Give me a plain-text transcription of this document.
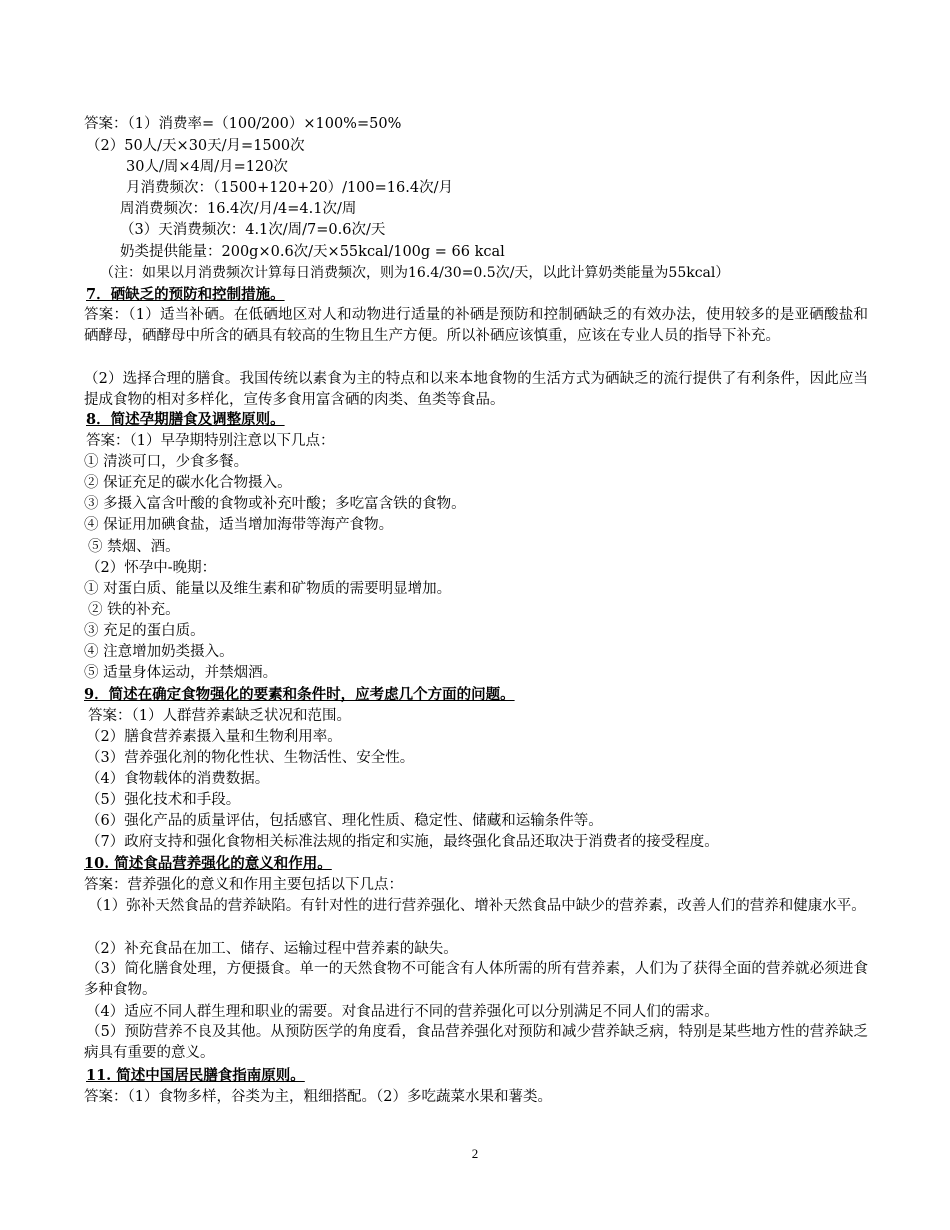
答案：（1）消费率=（100/200）×100%=50%
（2）50人/天×30天/月=1500次
30人/周×4周/月=120次
月消费频次：（1500+120+20）/100=16.4次/月
周消费频次：16.4次/月/4=4.1次/周
（3）天消费频次：4.1次/周/7=0.6次/天
奶类提供能量：200g×0.6次/天×55kcal/100g = 66 kcal
（注：如果以月消费频次计算每日消费频次，则为16.4/30=0.5次/天，以此计算奶类能量为55kcal）
7．硒缺乏的预防和控制措施。
答案：（1）适当补硒。在低硒地区对人和动物进行适量的补硒是预防和控制硒缺乏的有效办法，使用较多的是亚硒酸盐和硒酵母，硒酵母中所含的硒具有较高的生物且生产方便。所以补硒应该慎重，应该在专业人员的指导下补充。
（2）选择合理的膳食。我国传统以素食为主的特点和以来本地食物的生活方式为硒缺乏的流行提供了有利条件，因此应当提成食物的相对多样化，宣传多食用富含硒的肉类、鱼类等食品。
8．简述孕期膳食及调整原则。
答案：（1）早孕期特别注意以下几点：
① 清淡可口，少食多餐。
② 保证充足的碳水化合物摄入。
③ 多摄入富含叶酸的食物或补充叶酸；多吃富含铁的食物。
④ 保证用加碘食盐，适当增加海带等海产食物。
⑤ 禁烟、酒。
（2）怀孕中-晚期：
① 对蛋白质、能量以及维生素和矿物质的需要明显增加。
② 铁的补充。
③ 充足的蛋白质。
④ 注意增加奶类摄入。
⑤ 适量身体运动，并禁烟酒。
9．简述在确定食物强化的要素和条件时，应考虑几个方面的问题。
答案：（1）人群营养素缺乏状况和范围。
（2）膳食营养素摄入量和生物利用率。
（3）营养强化剂的物化性状、生物活性、安全性。
（4）食物载体的消费数据。
（5）强化技术和手段。
（6）强化产品的质量评估，包括感官、理化性质、稳定性、储藏和运输条件等。
（7）政府支持和强化食物相关标准法规的指定和实施，最终强化食品还取决于消费者的接受程度。
10. 简述食品营养强化的意义和作用。
答案：营养强化的意义和作用主要包括以下几点：
（1）弥补天然食品的营养缺陷。有针对性的进行营养强化、增补天然食品中缺少的营养素，改善人们的营养和健康水平。
（2）补充食品在加工、储存、运输过程中营养素的缺失。
（3）简化膳食处理，方便摄食。单一的天然食物不可能含有人体所需的所有营养素，人们为了获得全面的营养就必须进食多种食物。
（4）适应不同人群生理和职业的需要。对食品进行不同的营养强化可以分别满足不同人们的需求。
（5）预防营养不良及其他。从预防医学的角度看，食品营养强化对预防和减少营养缺乏病，特别是某些地方性的营养缺乏病具有重要的意义。
11. 简述中国居民膳食指南原则。
答案：（1）食物多样，谷类为主，粗细搭配。（2）多吃蔬菜水果和薯类。
2
